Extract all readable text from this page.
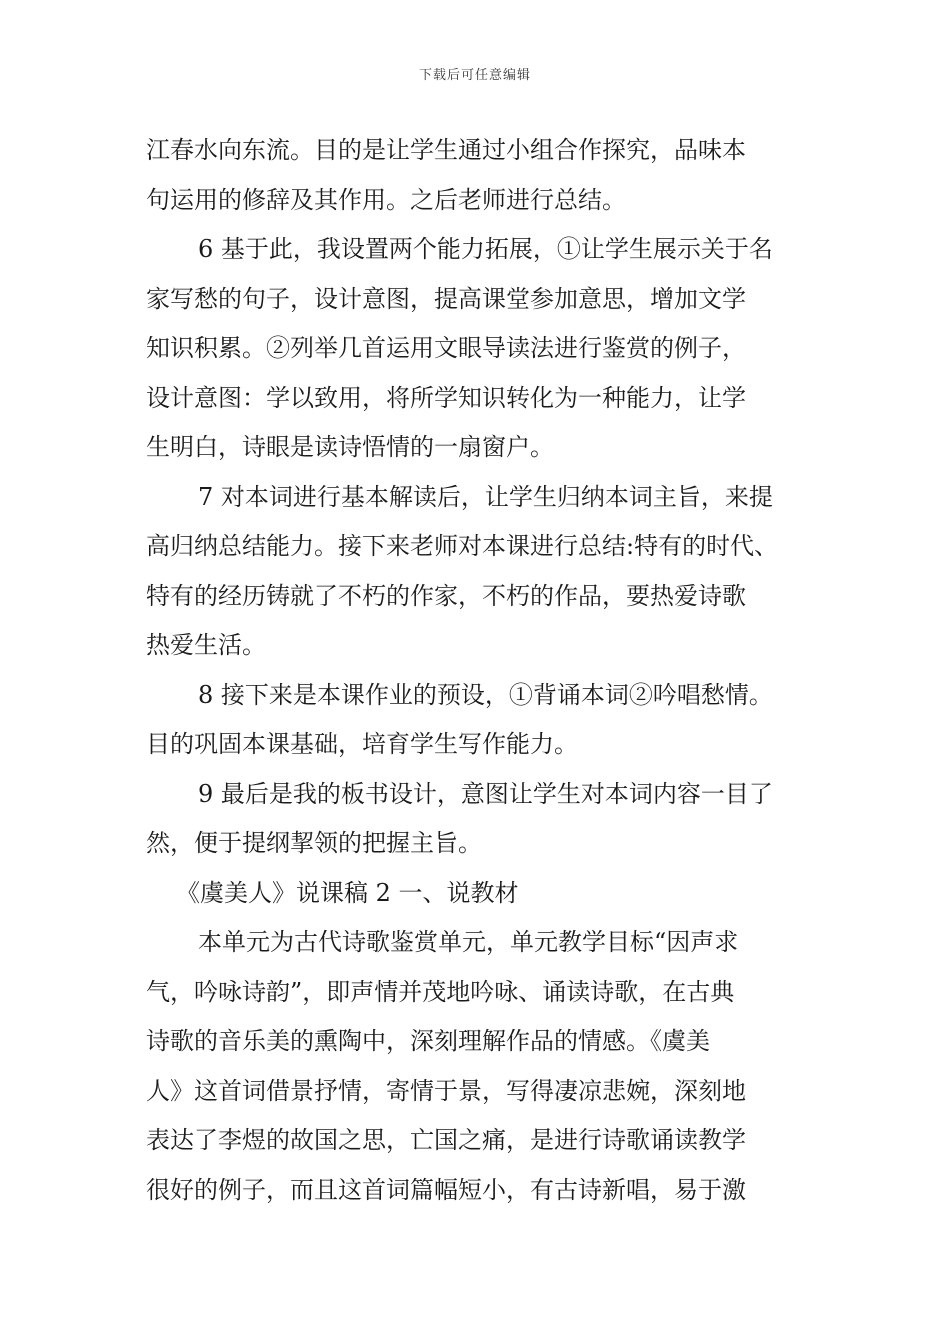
下载后可任意编辑
江春水向东流。目的是让学生通过小组合作探究，品味本
句运用的修辞及其作用。之后老师进行总结。
6 基于此，我设置两个能力拓展，①让学生展示关于名
家写愁的句子，设计意图，提高课堂参加意思，增加文学
知识积累。②列举几首运用文眼导读法进行鉴赏的例子，
设计意图：学以致用，将所学知识转化为一种能力，让学
生明白，诗眼是读诗悟情的一扇窗户。
7 对本词进行基本解读后，让学生归纳本词主旨，来提
高归纳总结能力。接下来老师对本课进行总结:特有的时代、
特有的经历铸就了不朽的作家，不朽的作品，要热爱诗歌
热爱生活。
8 接下来是本课作业的预设，①背诵本词②吟唱愁情。
目的巩固本课基础，培育学生写作能力。
9 最后是我的板书设计，意图让学生对本词内容一目了
然，便于提纲挈领的把握主旨。
《虞美人》说课稿 2 一、说教材
本单元为古代诗歌鉴赏单元，单元教学目标“因声求
气，吟咏诗韵”，即声情并茂地吟咏、诵读诗歌，在古典
诗歌的音乐美的熏陶中，深刻理解作品的情感。《虞美
人》这首词借景抒情，寄情于景，写得凄凉悲婉，深刻地
表达了李煜的故国之思，亡国之痛，是进行诗歌诵读教学
很好的例子，而且这首词篇幅短小，有古诗新唱，易于激
